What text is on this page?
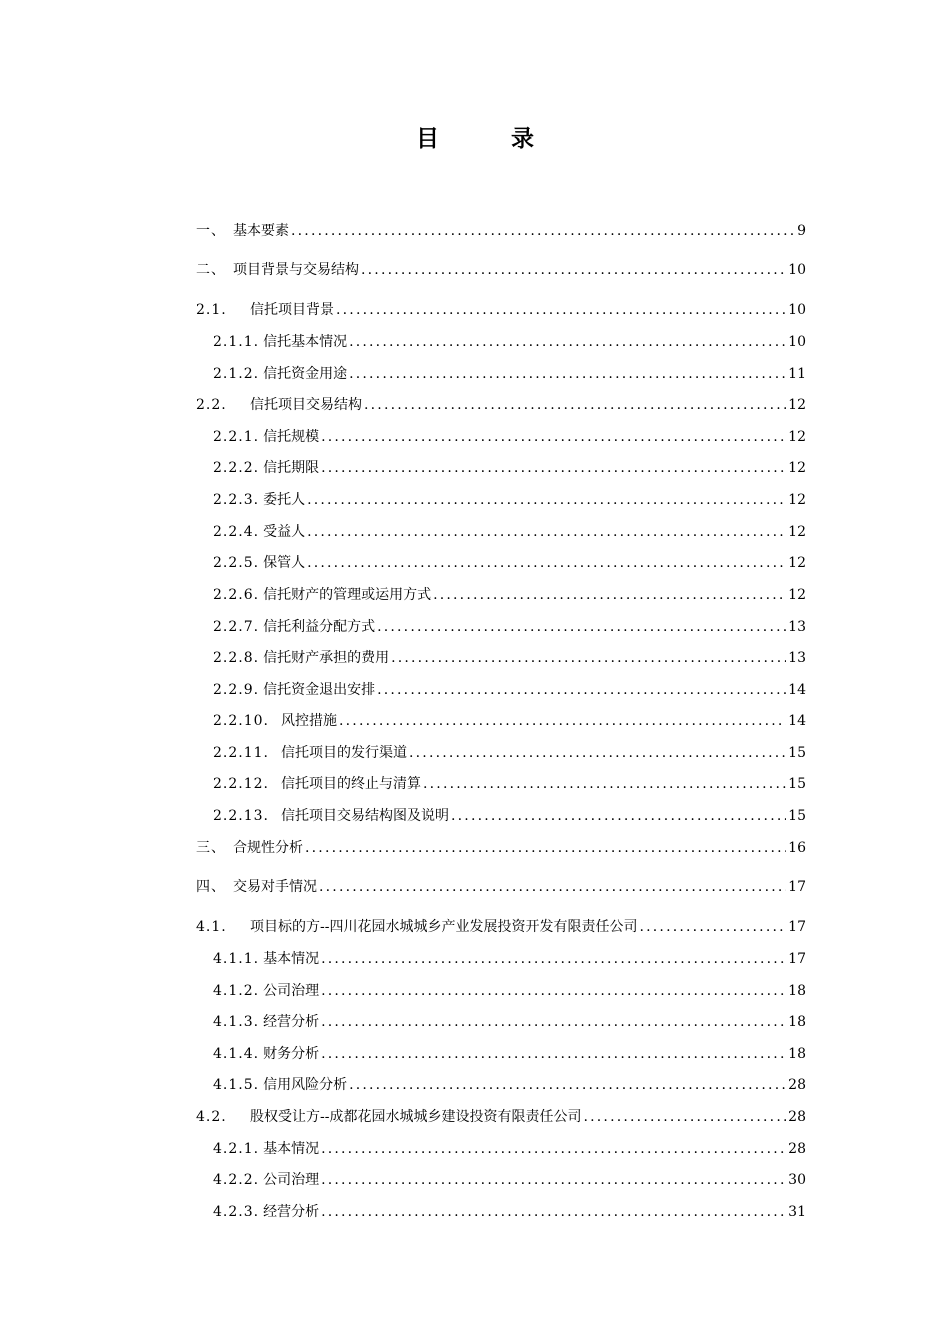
目 录
一、 基本要素 .....	9
二、 项目背景与交易结构 .....	10
2.1.	信托项目背景 .....	10
2.1.1. 信托基本情况 .....	10
2.1.2. 信托资金用途 .....	11
2.2.	信托项目交易结构 .....	12
2.2.1. 信托规模 .....	12
2.2.2. 信托期限 .....	12
2.2.3. 委托人 .....	12
2.2.4. 受益人 .....	12
2.2.5. 保管人 .....	12
2.2.6. 信托财产的管理或运用方式 .....	12
2.2.7. 信托利益分配方式 .....	13
2.2.8. 信托财产承担的费用 .....	13
2.2.9. 信托资金退出安排 .....	14
2.2.10. 风控措施 .....	14
2.2.11. 信托项目的发行渠道 .....	15
2.2.12. 信托项目的终止与清算 .....	15
2.2.13. 信托项目交易结构图及说明 .....	15
三、 合规性分析 .....	16
四、 交易对手情况 .....	17
4.1.	项目标的方--四川花园水城城乡产业发展投资开发有限责任公司 .....	17
4.1.1. 基本情况 .....	17
4.1.2. 公司治理 .....	18
4.1.3. 经营分析 .....	18
4.1.4. 财务分析 .....	18
4.1.5. 信用风险分析 .....	28
4.2.	股权受让方--成都花园水城城乡建设投资有限责任公司 .....	28
4.2.1. 基本情况 .....	28
4.2.2. 公司治理 .....	30
4.2.3. 经营分析 .....	31
